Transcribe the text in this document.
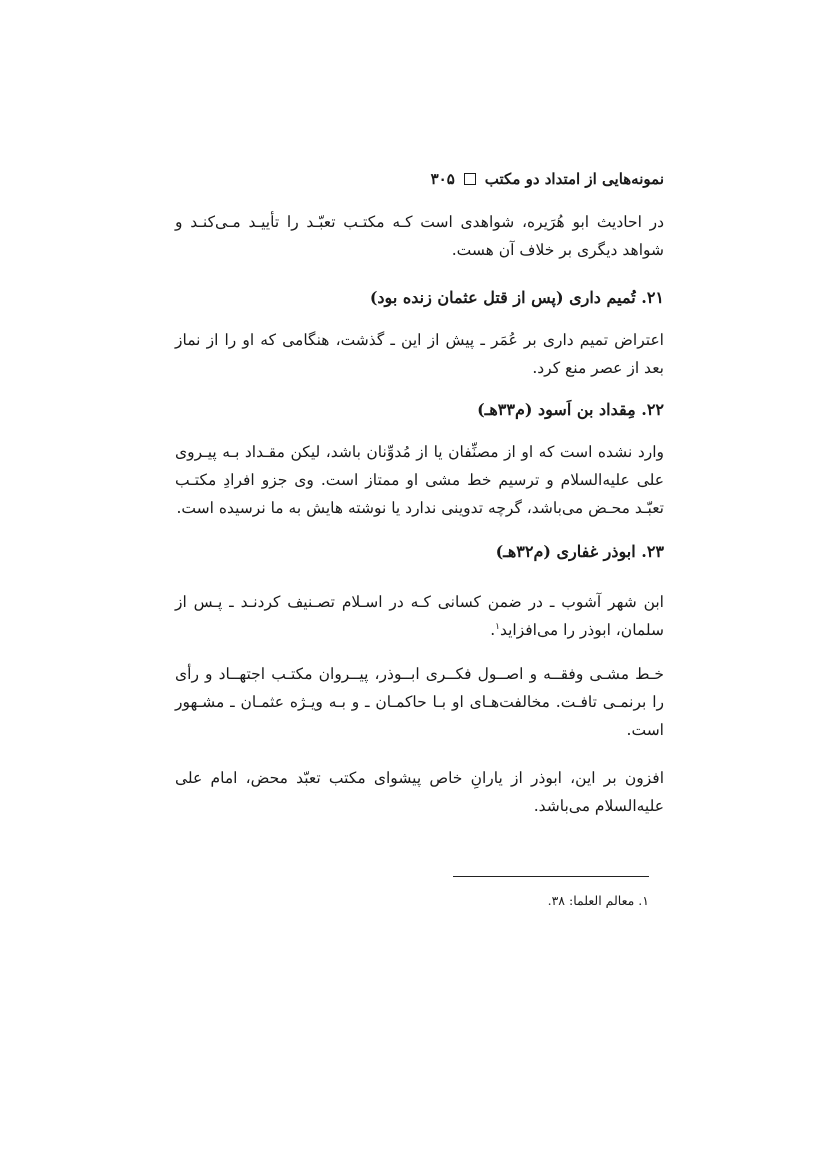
نمونه‌هایی از امتداد دو مکتب
۳۰۵

در احادیث ابو هُرَیره، شواهدی است کـه مکتـب تعبّـد را تأییـد مـی‌کنـد و شواهد دیگری بر خلاف آن هست.

۲۱. تُمیم داری (پس از قتل عثمان زنده بود)

اعتراض تمیم داری بر عُمَر ـ پیش از این ـ گذشت، هنگامی که او را از نماز بعد از عصر منع کرد.

۲۲. مِقداد بن اَسود (م۳۳هـ)

وارد نشده است که او از مصنِّفان یا از مُدوِّنان باشد، لیکن مقـداد بـه پیـروی علی علیه‌السلام و ترسیم خط مشی او ممتاز است. وی جزو افرادِ مکتـب تعبّـد محـض می‌باشد، گرچه تدوینی ندارد یا نوشته هایش به ما نرسیده است.

۲۳. ابوذر غفاری (م۳۲هـ)

ابن شهر آشوب ـ در ضمن کسانی کـه در اسـلام تصـنیف کردنـد ـ پـس از سلمان، ابوذر را می‌افزاید$^۱$.

خـط مشـی وفقــه و اصــول فکــری ابــوذر، پیــروان مکتـب اجتهــاد و رأی را برنمـی تافـت. مخالفت‌هـای او بـا حاکمـان ـ و بـه ویـژه عثمـان ـ مشـهور است.

افزون بر این، ابوذر از یارانِ خاص پیشوای مکتب تعبّد محض، امام علی علیه‌السلام می‌باشد.

۱. معالم العلما: ۳۸.
